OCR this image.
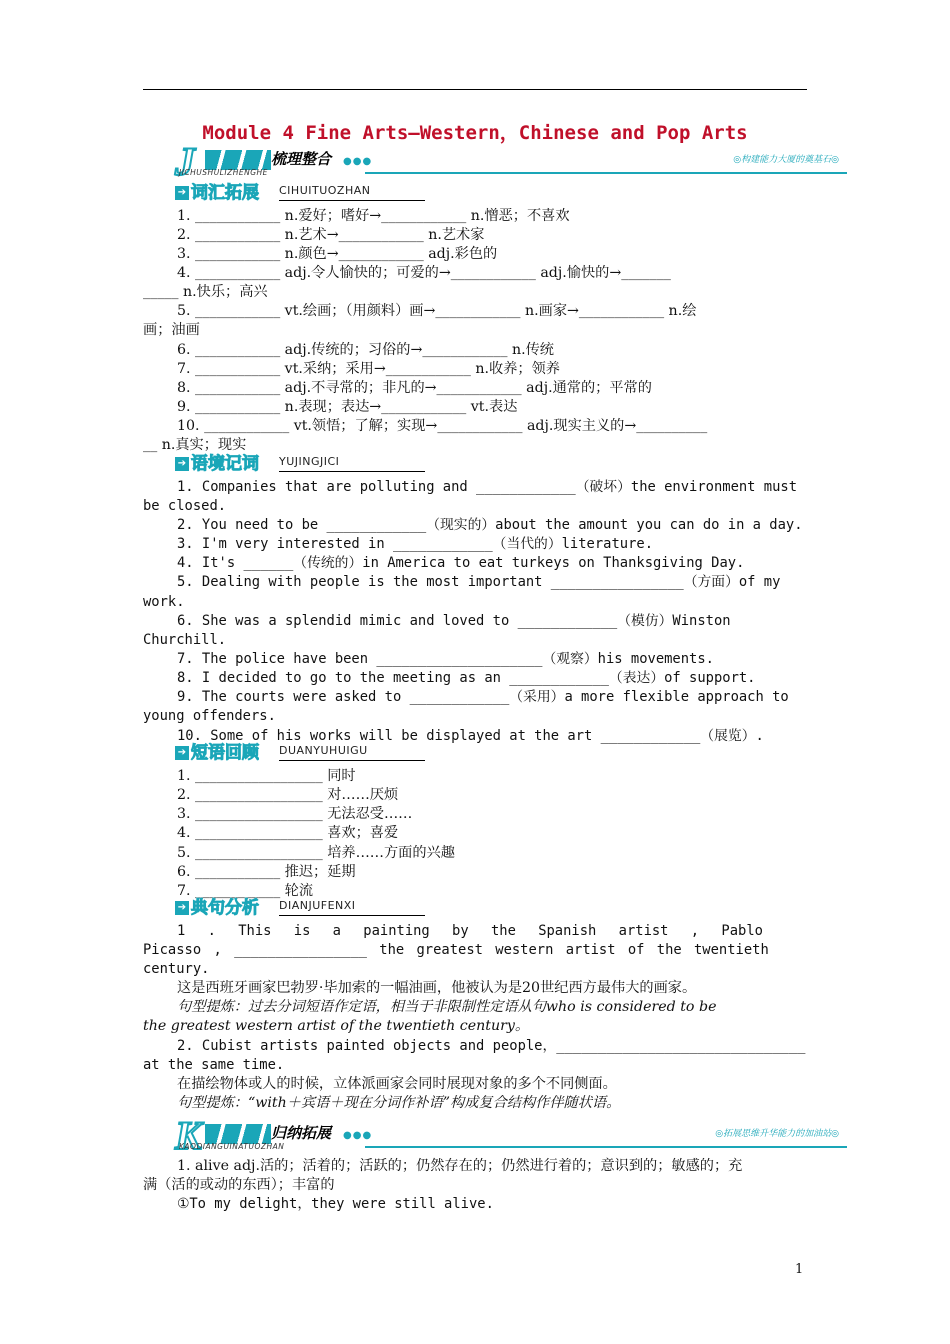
Module 4 Fine Arts—Western，Chinese and Pop Arts
J	梳理整合 ●●●	◎构建能力大厦的奠基石◎
JICHUSHULIZHENGHE
➔ 词汇拓展 CIHUITUOZHAN
1. ____________ n.爱好；嗜好→____________ n.憎恶；不喜欢
2. ____________ n.艺术→____________ n.艺术家
3. ____________ n.颜色→____________ adj.彩色的
4. ____________ adj.令人愉快的；可爱的→____________ adj.愉快的→_______
_____ n.快乐；高兴
5. ____________ vt.绘画；（用颜料）画→____________ n.画家→____________ n.绘
画；油画
6. ____________ adj.传统的；习俗的→____________ n.传统
7. ____________ vt.采纳；采用→____________ n.收养；领养
8. ____________ adj.不寻常的；非凡的→____________ adj.通常的；平常的
9. ____________ n.表现；表达→____________ vt.表达
10. ____________ vt.领悟；了解；实现→____________ adj.现实主义的→__________
__ n.真实；现实
1. Companies that are polluting and ____________（破坏）the environment must
be closed.
2. You need to be ____________（现实的）about the amount you can do in a day.
3. I'm very interested in ____________（当代的）literature.
4. It's ______（传统的）in America to eat turkeys on Thanksgiving Day.
5. Dealing with people is the most important ________________（方面）of my
work.
6. She was a splendid mimic and loved to ____________（模仿）Winston
Churchill.
7. The police have been ____________________（观察）his movements.
8. I decided to go to the meeting as an ____________（表达）of support.
9. The courts were asked to ____________（采用）a more flexible approach to
young offenders.
10. Some of his works will be displayed at the art ____________（展览）.
1. __________________ 同时
2. __________________ 对……厌烦
3. __________________ 无法忍受……
4. __________________ 喜欢；喜爱
5. __________________ 培养……方面的兴趣
6. ____________ 推迟；延期
7. ____________ 轮流
1 . This is a painting by the Spanish artist , Pablo
Picasso , ________________ the greatest western artist of the twentieth
century.
这是西班牙画家巴勃罗·毕加索的一幅油画，他被认为是20世纪西方最伟大的画家。
句型提炼：过去分词短语作定语，相当于非限制性定语从句who is considered to be
the greatest western artist of the twentieth century。
2. Cubist artists painted objects and people，______________________________
at the same time.
在描绘物体或人的时候，立体派画家会同时展现对象的多个不同侧面。
句型提炼：“with＋宾语＋现在分词作补语”构成复合结构作伴随状语。
1. alive adj.活的；活着的；活跃的；仍然存在的；仍然进行着的；意识到的；敏感的；充
满（活的或动的东西）；丰富的
①To my delight，they were still alive.
➔ 语境记词 YUJINGJICI
➔ 短语回顾 DUANYUHUIGU
➔ 典句分析 DIANJUFENXI
K	归纳拓展 ●●●	◎拓展思维升华能力的加油站◎
KAODIANGUINATUOZHAN
1
